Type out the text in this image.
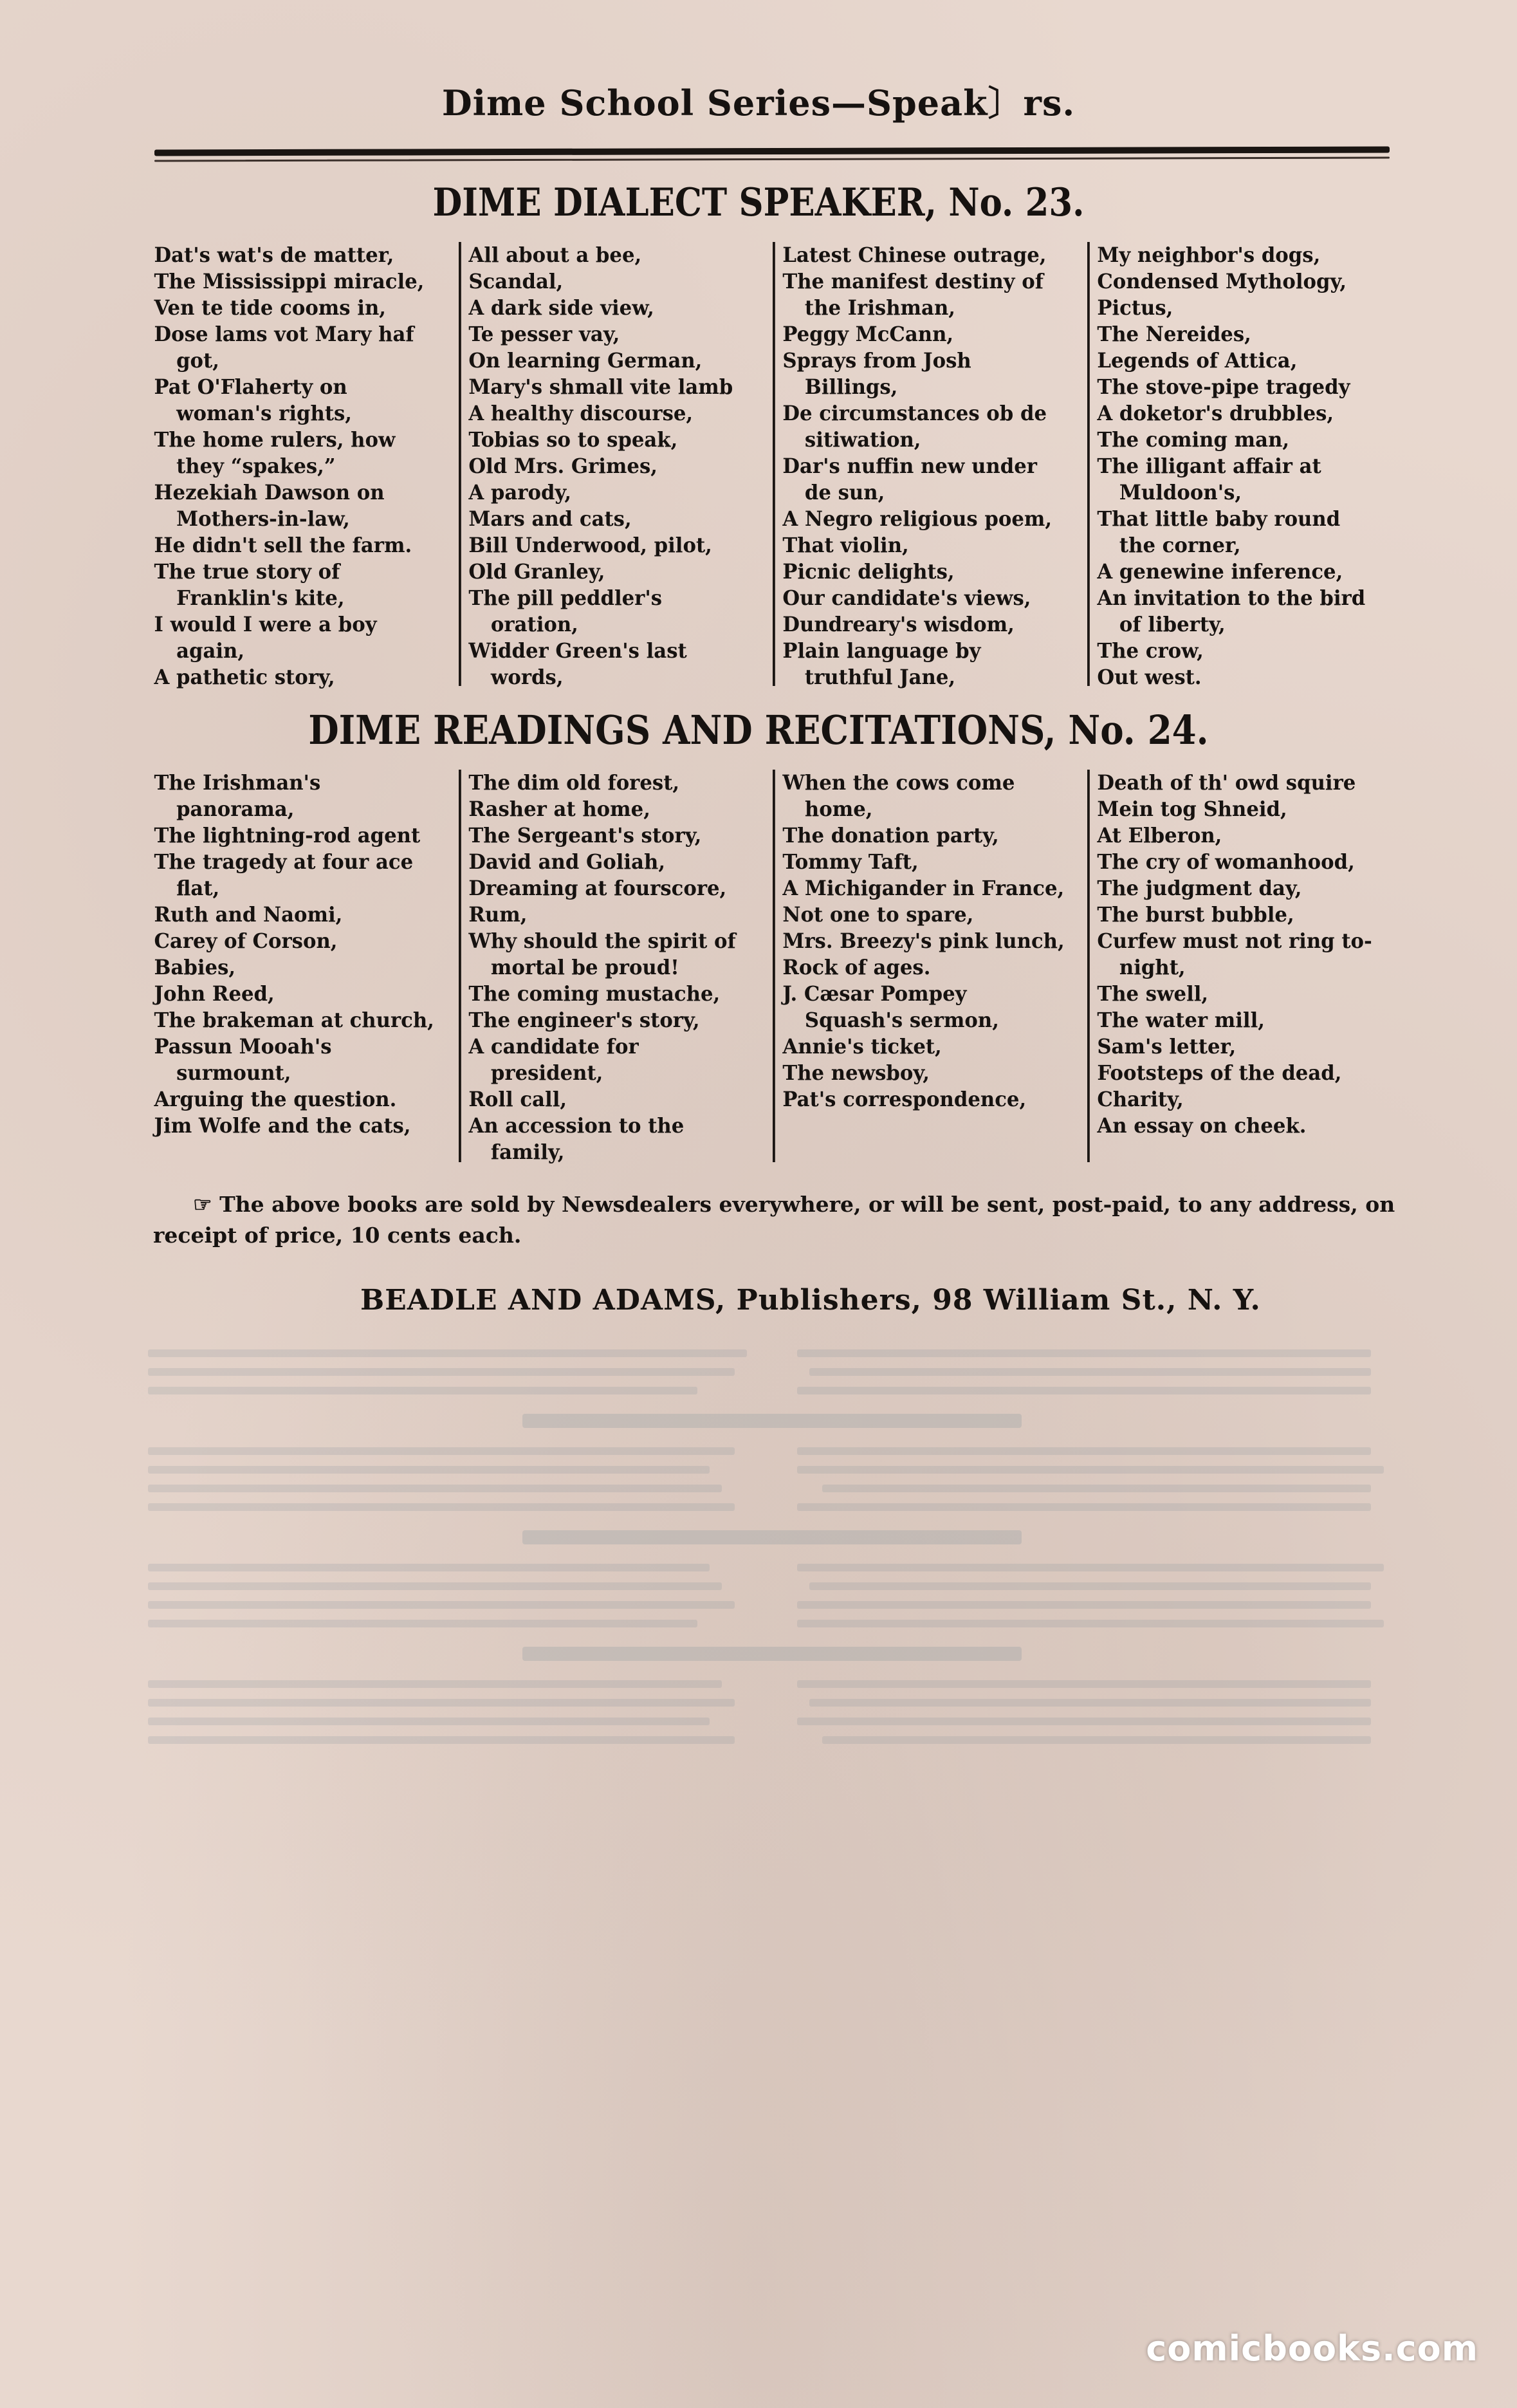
Dime School Series—Speak〕rs.
DIME DIALECT SPEAKER, No. 23.
Dat's wat's de matter,
The Mississippi miracle,
Ven te tide cooms in,
Dose lams vot Mary haf got,
Pat O'Flaherty on woman's rights,
The home rulers, how they “spakes,”
Hezekiah Dawson on Mothers-in-law,
He didn't sell the farm.
The true story of Franklin's kite,
I would I were a boy again,
A pathetic story,
All about a bee,
Scandal,
A dark side view,
Te pesser vay,
On learning German,
Mary's shmall vite lamb
A healthy discourse,
Tobias so to speak,
Old Mrs. Grimes,
A parody,
Mars and cats,
Bill Underwood, pilot,
Old Granley,
The pill peddler's oration,
Widder Green's last words,
Latest Chinese outrage,
The manifest destiny of the Irishman,
Peggy McCann,
Sprays from Josh Billings,
De circumstances ob de sitiwation,
Dar's nuffin new under de sun,
A Negro religious poem,
That violin,
Picnic delights,
Our candidate's views,
Dundreary's wisdom,
Plain language by truthful Jane,
My neighbor's dogs,
Condensed Mythology,
Pictus,
The Nereides,
Legends of Attica,
The stove-pipe tragedy
A doketor's drubbles,
The coming man,
The illigant affair at Muldoon's,
That little baby round the corner,
A genewine inference,
An invitation to the bird of liberty,
The crow,
Out west.
DIME READINGS AND RECITATIONS, No. 24.
The Irishman's panorama,
The lightning-rod agent
The tragedy at four ace flat,
Ruth and Naomi,
Carey of Corson,
Babies,
John Reed,
The brakeman at church,
Passun Mooah's surmount,
Arguing the question.
Jim Wolfe and the cats,
The dim old forest,
Rasher at home,
The Sergeant's story,
David and Goliah,
Dreaming at fourscore,
Rum,
Why should the spirit of mortal be proud!
The coming mustache,
The engineer's story,
A candidate for president,
Roll call,
An accession to the family,
When the cows come home,
The donation party,
Tommy Taft,
A Michigander in France,
Not one to spare,
Mrs. Breezy's pink lunch,
Rock of ages.
J. Cæsar Pompey Squash's sermon,
Annie's ticket,
The newsboy,
Pat's correspondence,
Death of th' owd squire
Mein tog Shneid,
At Elberon,
The cry of womanhood,
The judgment day,
The burst bubble,
Curfew must not ring to-night,
The swell,
The water mill,
Sam's letter,
Footsteps of the dead,
Charity,
An essay on cheek.
☞ The above books are sold by Newsdealers everywhere, or will be sent, post-paid, to any address, on receipt of price, 10 cents each.
BEADLE AND ADAMS, Publishers, 98 William St., N. Y.
comicbooks.com
